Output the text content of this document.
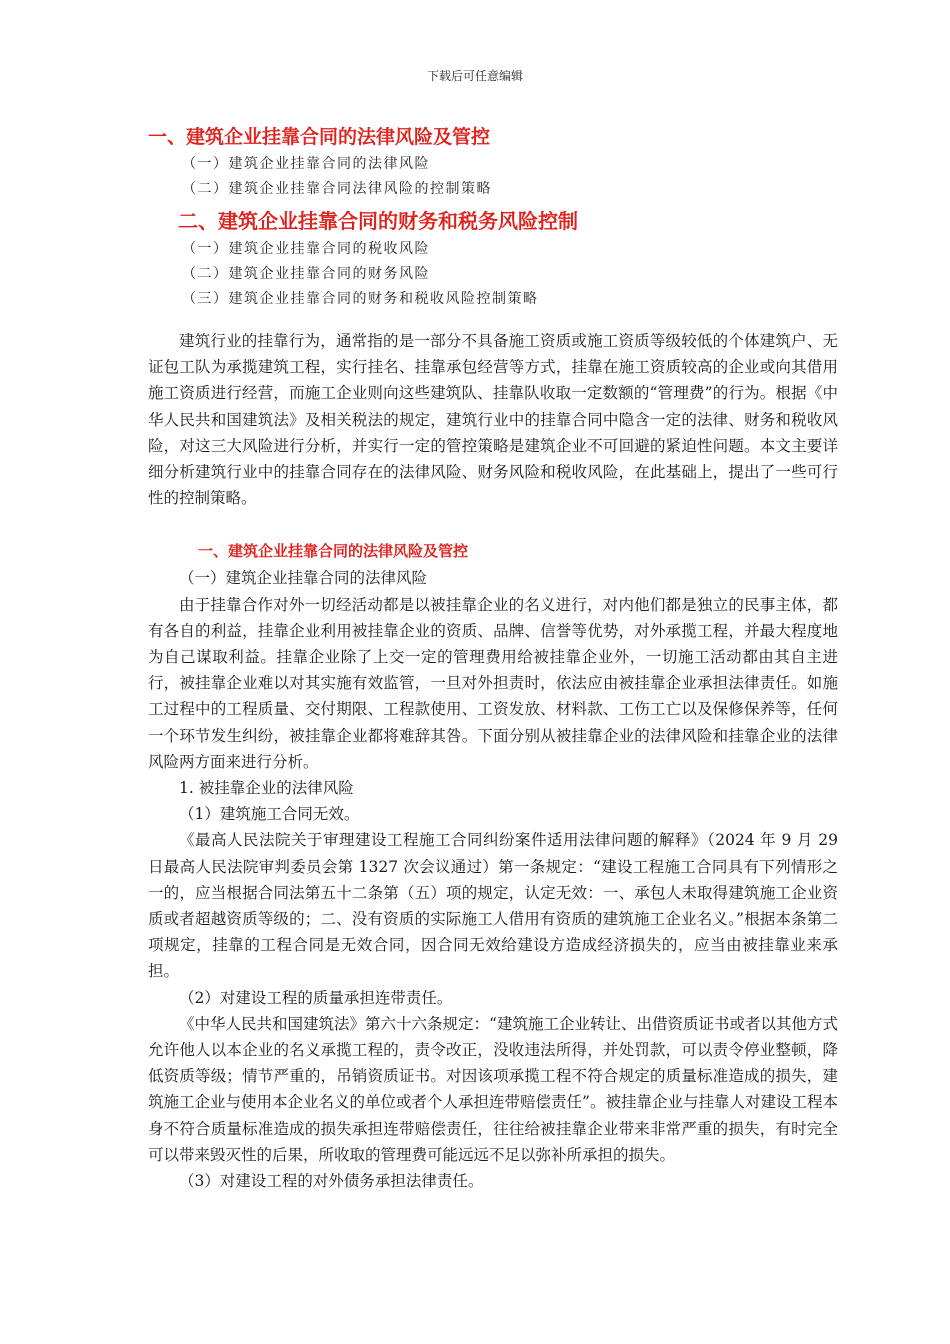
下载后可任意编辑

一、建筑企业挂靠合同的法律风险及管控

（一）建筑企业挂靠合同的法律风险
（二）建筑企业挂靠合同法律风险的控制策略

二、建筑企业挂靠合同的财务和税务风险控制

（一）建筑企业挂靠合同的税收风险
（二）建筑企业挂靠合同的财务风险
（三）建筑企业挂靠合同的财务和税收风险控制策略

建筑行业的挂靠行为，通常指的是一部分不具备施工资质或施工资质等级较低的个体建筑户、无证包工队为承揽建筑工程，实行挂名、挂靠承包经营等方式，挂靠在施工资质较高的企业或向其借用施工资质进行经营，而施工企业则向这些建筑队、挂靠队收取一定数额的“管理费”的行为。根据《中华人民共和国建筑法》及相关税法的规定，建筑行业中的挂靠合同中隐含一定的法律、财务和税收风险，对这三大风险进行分析，并实行一定的管控策略是建筑企业不可回避的紧迫性问题。本文主要详细分析建筑行业中的挂靠合同存在的法律风险、财务风险和税收风险，在此基础上，提出了一些可行性的控制策略。

一、建筑企业挂靠合同的法律风险及管控

（一）建筑企业挂靠合同的法律风险

由于挂靠合作对外一切经活动都是以被挂靠企业的名义进行，对内他们都是独立的民事主体，都有各自的利益，挂靠企业利用被挂靠企业的资质、品牌、信誉等优势，对外承揽工程，并最大程度地为自己谋取利益。挂靠企业除了上交一定的管理费用给被挂靠企业外，一切施工活动都由其自主进行，被挂靠企业难以对其实施有效监管，一旦对外担责时，依法应由被挂靠企业承担法律责任。如施工过程中的工程质量、交付期限、工程款使用、工资发放、材料款、工伤工亡以及保修保养等，任何一个环节发生纠纷，被挂靠企业都将难辞其咎。下面分别从被挂靠企业的法律风险和挂靠企业的法律风险两方面来进行分析。

1. 被挂靠企业的法律风险

（1）建筑施工合同无效。

《最高人民法院关于审理建设工程施工合同纠纷案件适用法律问题的解释》（2024 年 9 月 29 日最高人民法院审判委员会第 1327 次会议通过）第一条规定：“建设工程施工合同具有下列情形之一的，应当根据合同法第五十二条第（五）项的规定，认定无效：一、承包人未取得建筑施工企业资质或者超越资质等级的；二、没有资质的实际施工人借用有资质的建筑施工企业名义。”根据本条第二项规定，挂靠的工程合同是无效合同，因合同无效给建设方造成经济损失的，应当由被挂靠业来承担。

（2）对建设工程的质量承担连带责任。

《中华人民共和国建筑法》第六十六条规定：“建筑施工企业转让、出借资质证书或者以其他方式允许他人以本企业的名义承揽工程的，责令改正，没收违法所得，并处罚款，可以责令停业整顿，降低资质等级；情节严重的，吊销资质证书。对因该项承揽工程不符合规定的质量标准造成的损失，建筑施工企业与使用本企业名义的单位或者个人承担连带赔偿责任”。被挂靠企业与挂靠人对建设工程本身不符合质量标准造成的损失承担连带赔偿责任，往往给被挂靠企业带来非常严重的损失，有时完全可以带来毁灭性的后果，所收取的管理费可能远远不足以弥补所承担的损失。

（3）对建设工程的对外债务承担法律责任。
